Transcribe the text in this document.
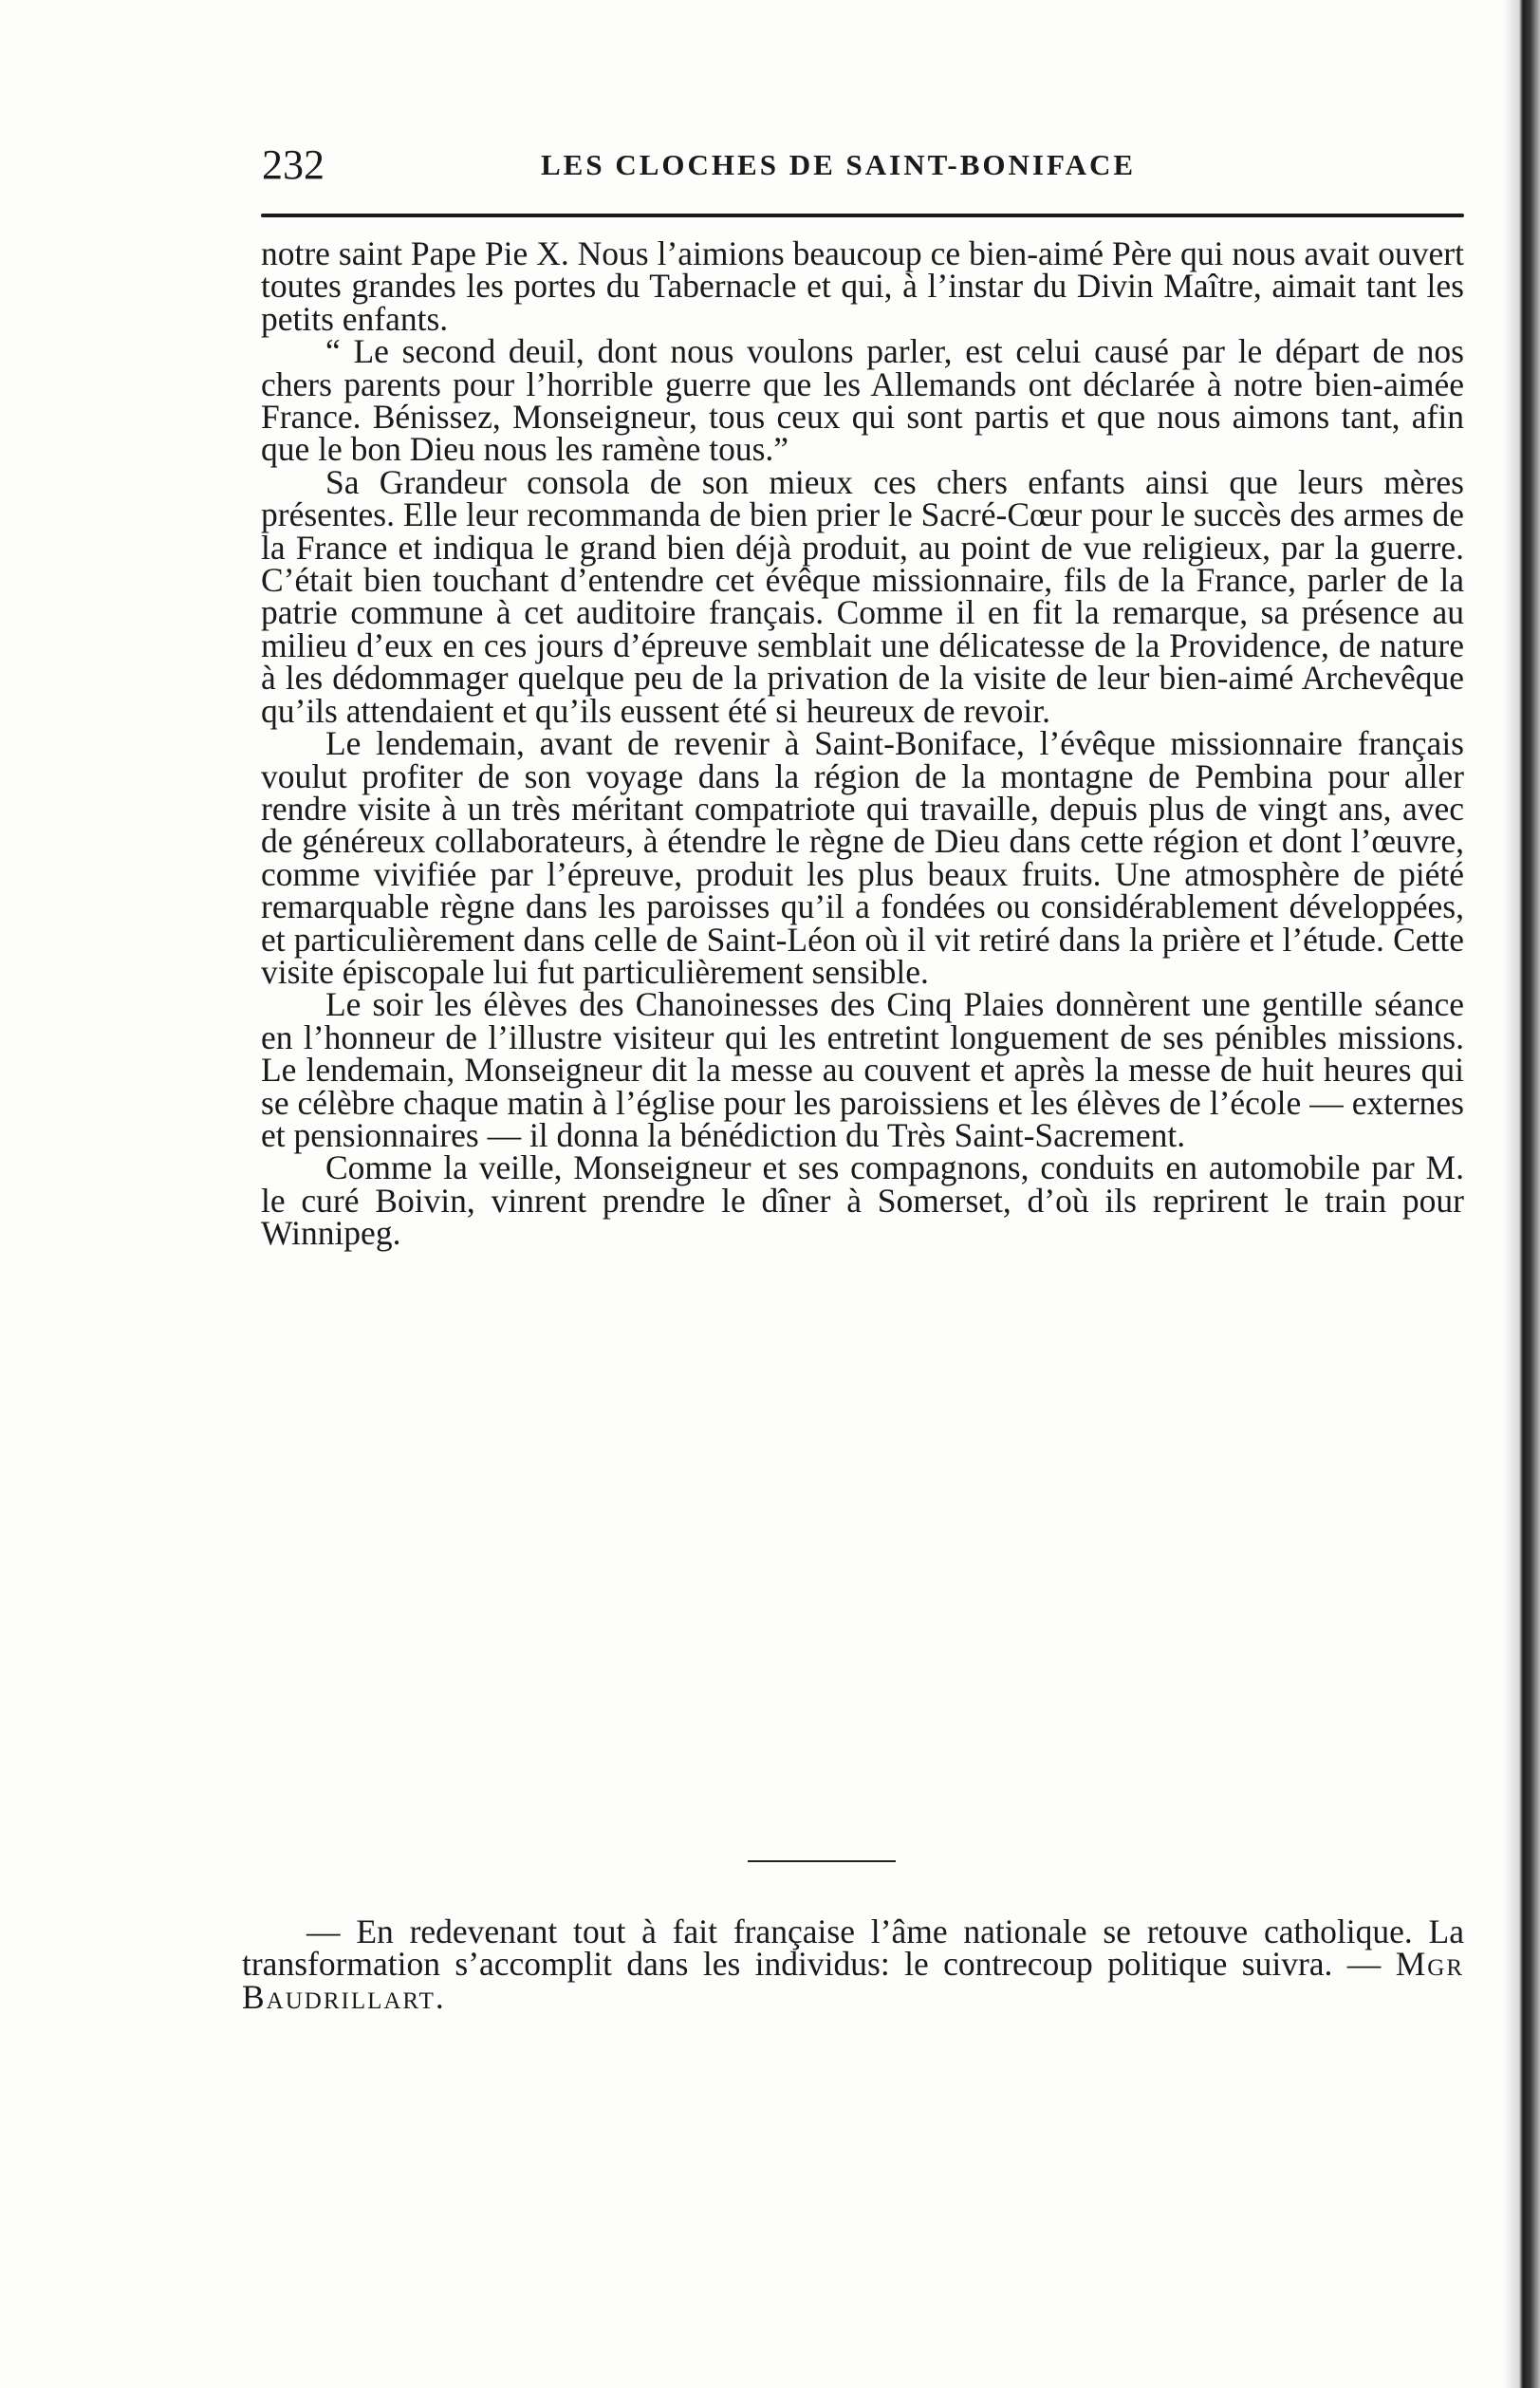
232	LES CLOCHES DE SAINT-BONIFACE

notre saint Pape Pie X. Nous l’aimions beaucoup ce bien-aimé Père qui nous avait ouvert toutes grandes les portes du Tabernacle et qui, à l’instar du Divin Maître, aimait tant les petits enfants.

“ Le second deuil, dont nous voulons parler, est celui causé par le départ de nos chers parents pour l’horrible guerre que les Allemands ont déclarée à notre bien-aimée France. Bénissez, Monseigneur, tous ceux qui sont partis et que nous aimons tant, afin que le bon Dieu nous les ramène tous.”

Sa Grandeur consola de son mieux ces chers enfants ainsi que leurs mères présentes. Elle leur recommanda de bien prier le Sacré-Cœur pour le succès des armes de la France et indiqua le grand bien déjà produit, au point de vue religieux, par la guerre. C’était bien touchant d’entendre cet évêque missionnaire, fils de la France, parler de la patrie commune à cet auditoire français. Comme il en fit la remarque, sa présence au milieu d’eux en ces jours d’épreuve semblait une délicatesse de la Providence, de nature à les dédommager quelque peu de la privation de la visite de leur bien-aimé Archevêque qu’ils attendaient et qu’ils eussent été si heureux de revoir.

Le lendemain, avant de revenir à Saint-Boniface, l’évêque missionnaire français voulut profiter de son voyage dans la région de la montagne de Pembina pour aller rendre visite à un très méritant compatriote qui travaille, depuis plus de vingt ans, avec de généreux collaborateurs, à étendre le règne de Dieu dans cette région et dont l’œuvre, comme vivifiée par l’épreuve, produit les plus beaux fruits. Une atmosphère de piété remarquable règne dans les paroisses qu’il a fondées ou considérablement développées, et particulièrement dans celle de Saint-Léon où il vit retiré dans la prière et l’étude. Cette visite épiscopale lui fut particulièrement sensible.

Le soir les élèves des Chanoinesses des Cinq Plaies donnèrent une gentille séance en l’honneur de l’illustre visiteur qui les entretint longuement de ses pénibles missions. Le lendemain, Monseigneur dit la messe au couvent et après la messe de huit heures qui se célèbre chaque matin à l’église pour les paroissiens et les élèves de l’école — externes et pensionnaires — il donna la bénédiction du Très Saint-Sacrement.

Comme la veille, Monseigneur et ses compagnons, conduits en automobile par M. le curé Boivin, vinrent prendre le dîner à Somerset, d’où ils reprirent le train pour Winnipeg.

— En redevenant tout à fait française l’âme nationale se retouve catholique. La transformation s’accomplit dans les individus: le contrecoup politique suivra. — Mgr Baudrillart.
